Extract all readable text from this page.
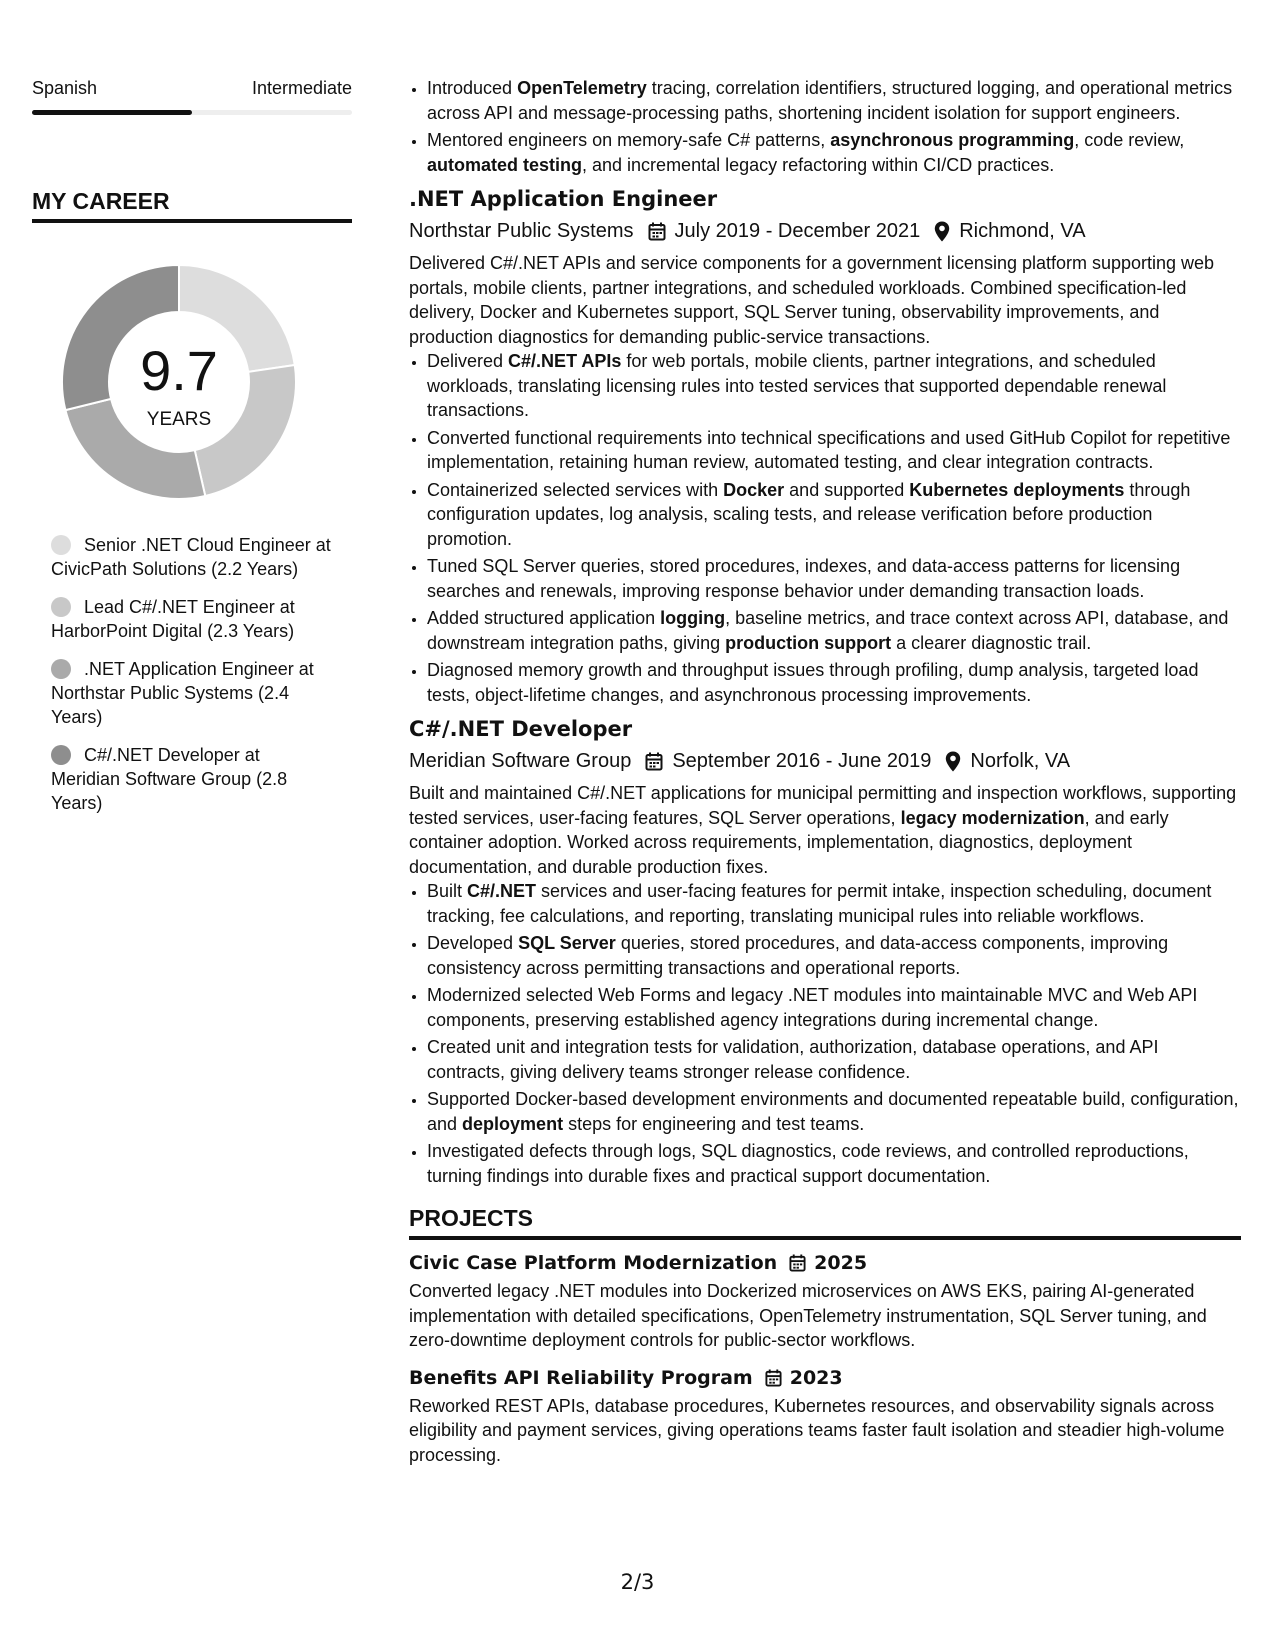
Spanish	Intermediate
MY CAREER
9.7
YEARS
Senior .NET Cloud Engineer at CivicPath Solutions (2.2 Years)
Lead C#/.NET Engineer at HarborPoint Digital (2.3 Years)
.NET Application Engineer at Northstar Public Systems (2.4 Years)
C#/.NET Developer at Meridian Software Group (2.8 Years)
• Introduced OpenTelemetry tracing, correlation identifiers, structured logging, and operational metrics across API and message-processing paths, shortening incident isolation for support engineers.
• Mentored engineers on memory-safe C# patterns, asynchronous programming, code review, automated testing, and incremental legacy refactoring within CI/CD practices.
.NET Application Engineer
Northstar Public Systems July 2019 - December 2021 Richmond, VA
Delivered C#/.NET APIs and service components for a government licensing platform supporting web portals, mobile clients, partner integrations, and scheduled workloads. Combined specification-led delivery, Docker and Kubernetes support, SQL Server tuning, observability improvements, and production diagnostics for demanding public-service transactions.
• Delivered C#/.NET APIs for web portals, mobile clients, partner integrations, and scheduled workloads, translating licensing rules into tested services that supported dependable renewal transactions.
• Converted functional requirements into technical specifications and used GitHub Copilot for repetitive implementation, retaining human review, automated testing, and clear integration contracts.
• Containerized selected services with Docker and supported Kubernetes deployments through configuration updates, log analysis, scaling tests, and release verification before production promotion.
• Tuned SQL Server queries, stored procedures, indexes, and data-access patterns for licensing searches and renewals, improving response behavior under demanding transaction loads.
• Added structured application logging, baseline metrics, and trace context across API, database, and downstream integration paths, giving production support a clearer diagnostic trail.
• Diagnosed memory growth and throughput issues through profiling, dump analysis, targeted load tests, object-lifetime changes, and asynchronous processing improvements.
C#/.NET Developer
Meridian Software Group September 2016 - June 2019 Norfolk, VA
Built and maintained C#/.NET applications for municipal permitting and inspection workflows, supporting tested services, user-facing features, SQL Server operations, legacy modernization, and early container adoption. Worked across requirements, implementation, diagnostics, deployment documentation, and durable production fixes.
• Built C#/.NET services and user-facing features for permit intake, inspection scheduling, document tracking, fee calculations, and reporting, translating municipal rules into reliable workflows.
• Developed SQL Server queries, stored procedures, and data-access components, improving consistency across permitting transactions and operational reports.
• Modernized selected Web Forms and legacy .NET modules into maintainable MVC and Web API components, preserving established agency integrations during incremental change.
• Created unit and integration tests for validation, authorization, database operations, and API contracts, giving delivery teams stronger release confidence.
• Supported Docker-based development environments and documented repeatable build, configuration, and deployment steps for engineering and test teams.
• Investigated defects through logs, SQL diagnostics, code reviews, and controlled reproductions, turning findings into durable fixes and practical support documentation.
PROJECTS
Civic Case Platform Modernization 2025
Converted legacy .NET modules into Dockerized microservices on AWS EKS, pairing AI-generated implementation with detailed specifications, OpenTelemetry instrumentation, SQL Server tuning, and zero-downtime deployment controls for public-sector workflows.
Benefits API Reliability Program 2023
Reworked REST APIs, database procedures, Kubernetes resources, and observability signals across eligibility and payment services, giving operations teams faster fault isolation and steadier high-volume processing.
2/3
